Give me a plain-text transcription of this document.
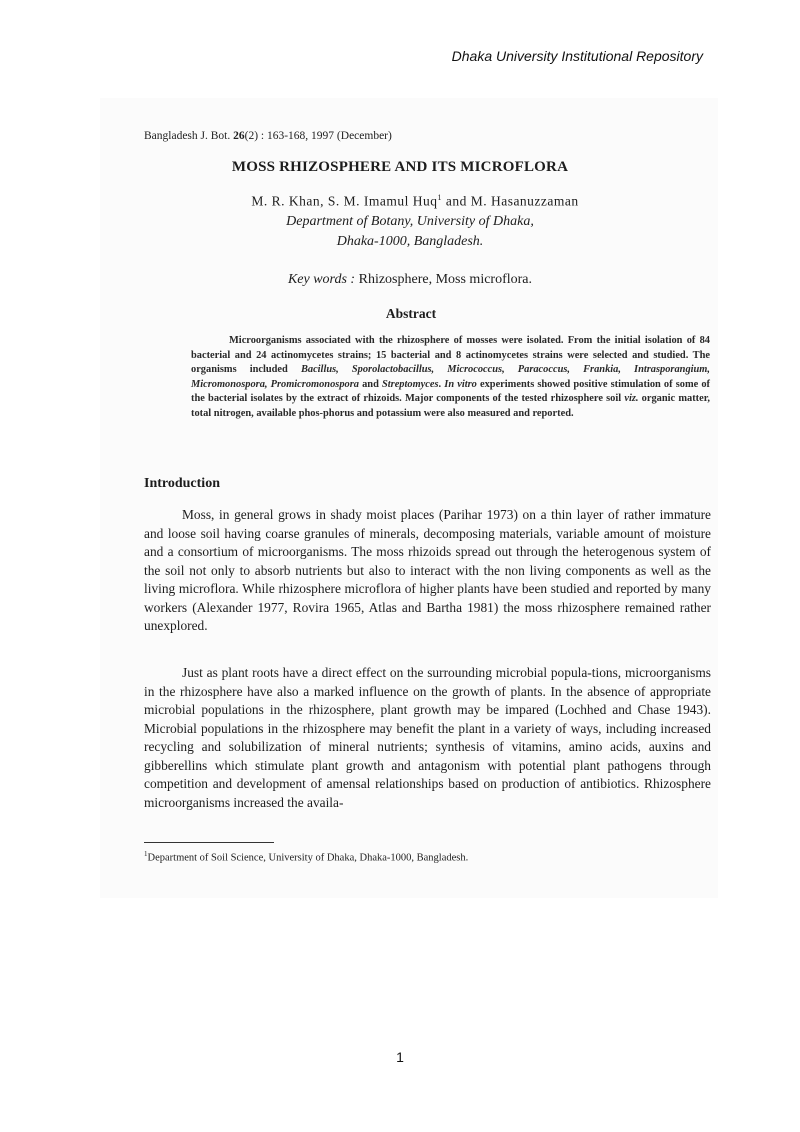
Dhaka University Institutional Repository
Bangladesh J. Bot. 26(2) : 163-168, 1997 (December)
MOSS RHIZOSPHERE AND ITS MICROFLORA
M. R. Khan, S. M. Imamul Huq$^1$ and M. Hasanuzzaman
Department of Botany, University of Dhaka,
Dhaka-1000, Bangladesh.
Key words : Rhizosphere, Moss microflora.
Abstract
Microorganisms associated with the rhizosphere of mosses were isolated. From the initial isolation of 84 bacterial and 24 actinomycetes strains; 15 bacterial and 8 actinomycetes strains were selected and studied. The organisms included Bacillus, Sporolactobacillus, Micrococcus, Paracoccus, Frankia, Intrasporangium, Micromonospora, Promicromonospora and Streptomyces. In vitro experiments showed positive stimulation of some of the bacterial isolates by the extract of rhizoids. Major components of the tested rhizosphere soil viz. organic matter, total nitrogen, available phos-phorus and potassium were also measured and reported.
Introduction
Moss, in general grows in shady moist places (Parihar 1973) on a thin layer of rather immature and loose soil having coarse granules of minerals, decomposing materials, variable amount of moisture and a consortium of microorganisms. The moss rhizoids spread out through the heterogenous system of the soil not only to absorb nutrients but also to interact with the non living components as well as the living microflora. While rhizosphere microflora of higher plants have been studied and reported by many workers (Alexander 1977, Rovira 1965, Atlas and Bartha 1981) the moss rhizosphere remained rather unexplored.
Just as plant roots have a direct effect on the surrounding microbial popula-tions, microorganisms in the rhizosphere have also a marked influence on the growth of plants. In the absence of appropriate microbial populations in the rhizosphere, plant growth may be impared (Lochhed and Chase 1943). Microbial populations in the rhizosphere may benefit the plant in a variety of ways, including increased recycling and solubilization of mineral nutrients; synthesis of vitamins, amino acids, auxins and gibberellins which stimulate plant growth and antagonism with potential plant pathogens through competition and development of amensal relationships based on production of antibiotics. Rhizosphere microorganisms increased the availa-
$^1$Department of Soil Science, University of Dhaka, Dhaka-1000, Bangladesh.
1
